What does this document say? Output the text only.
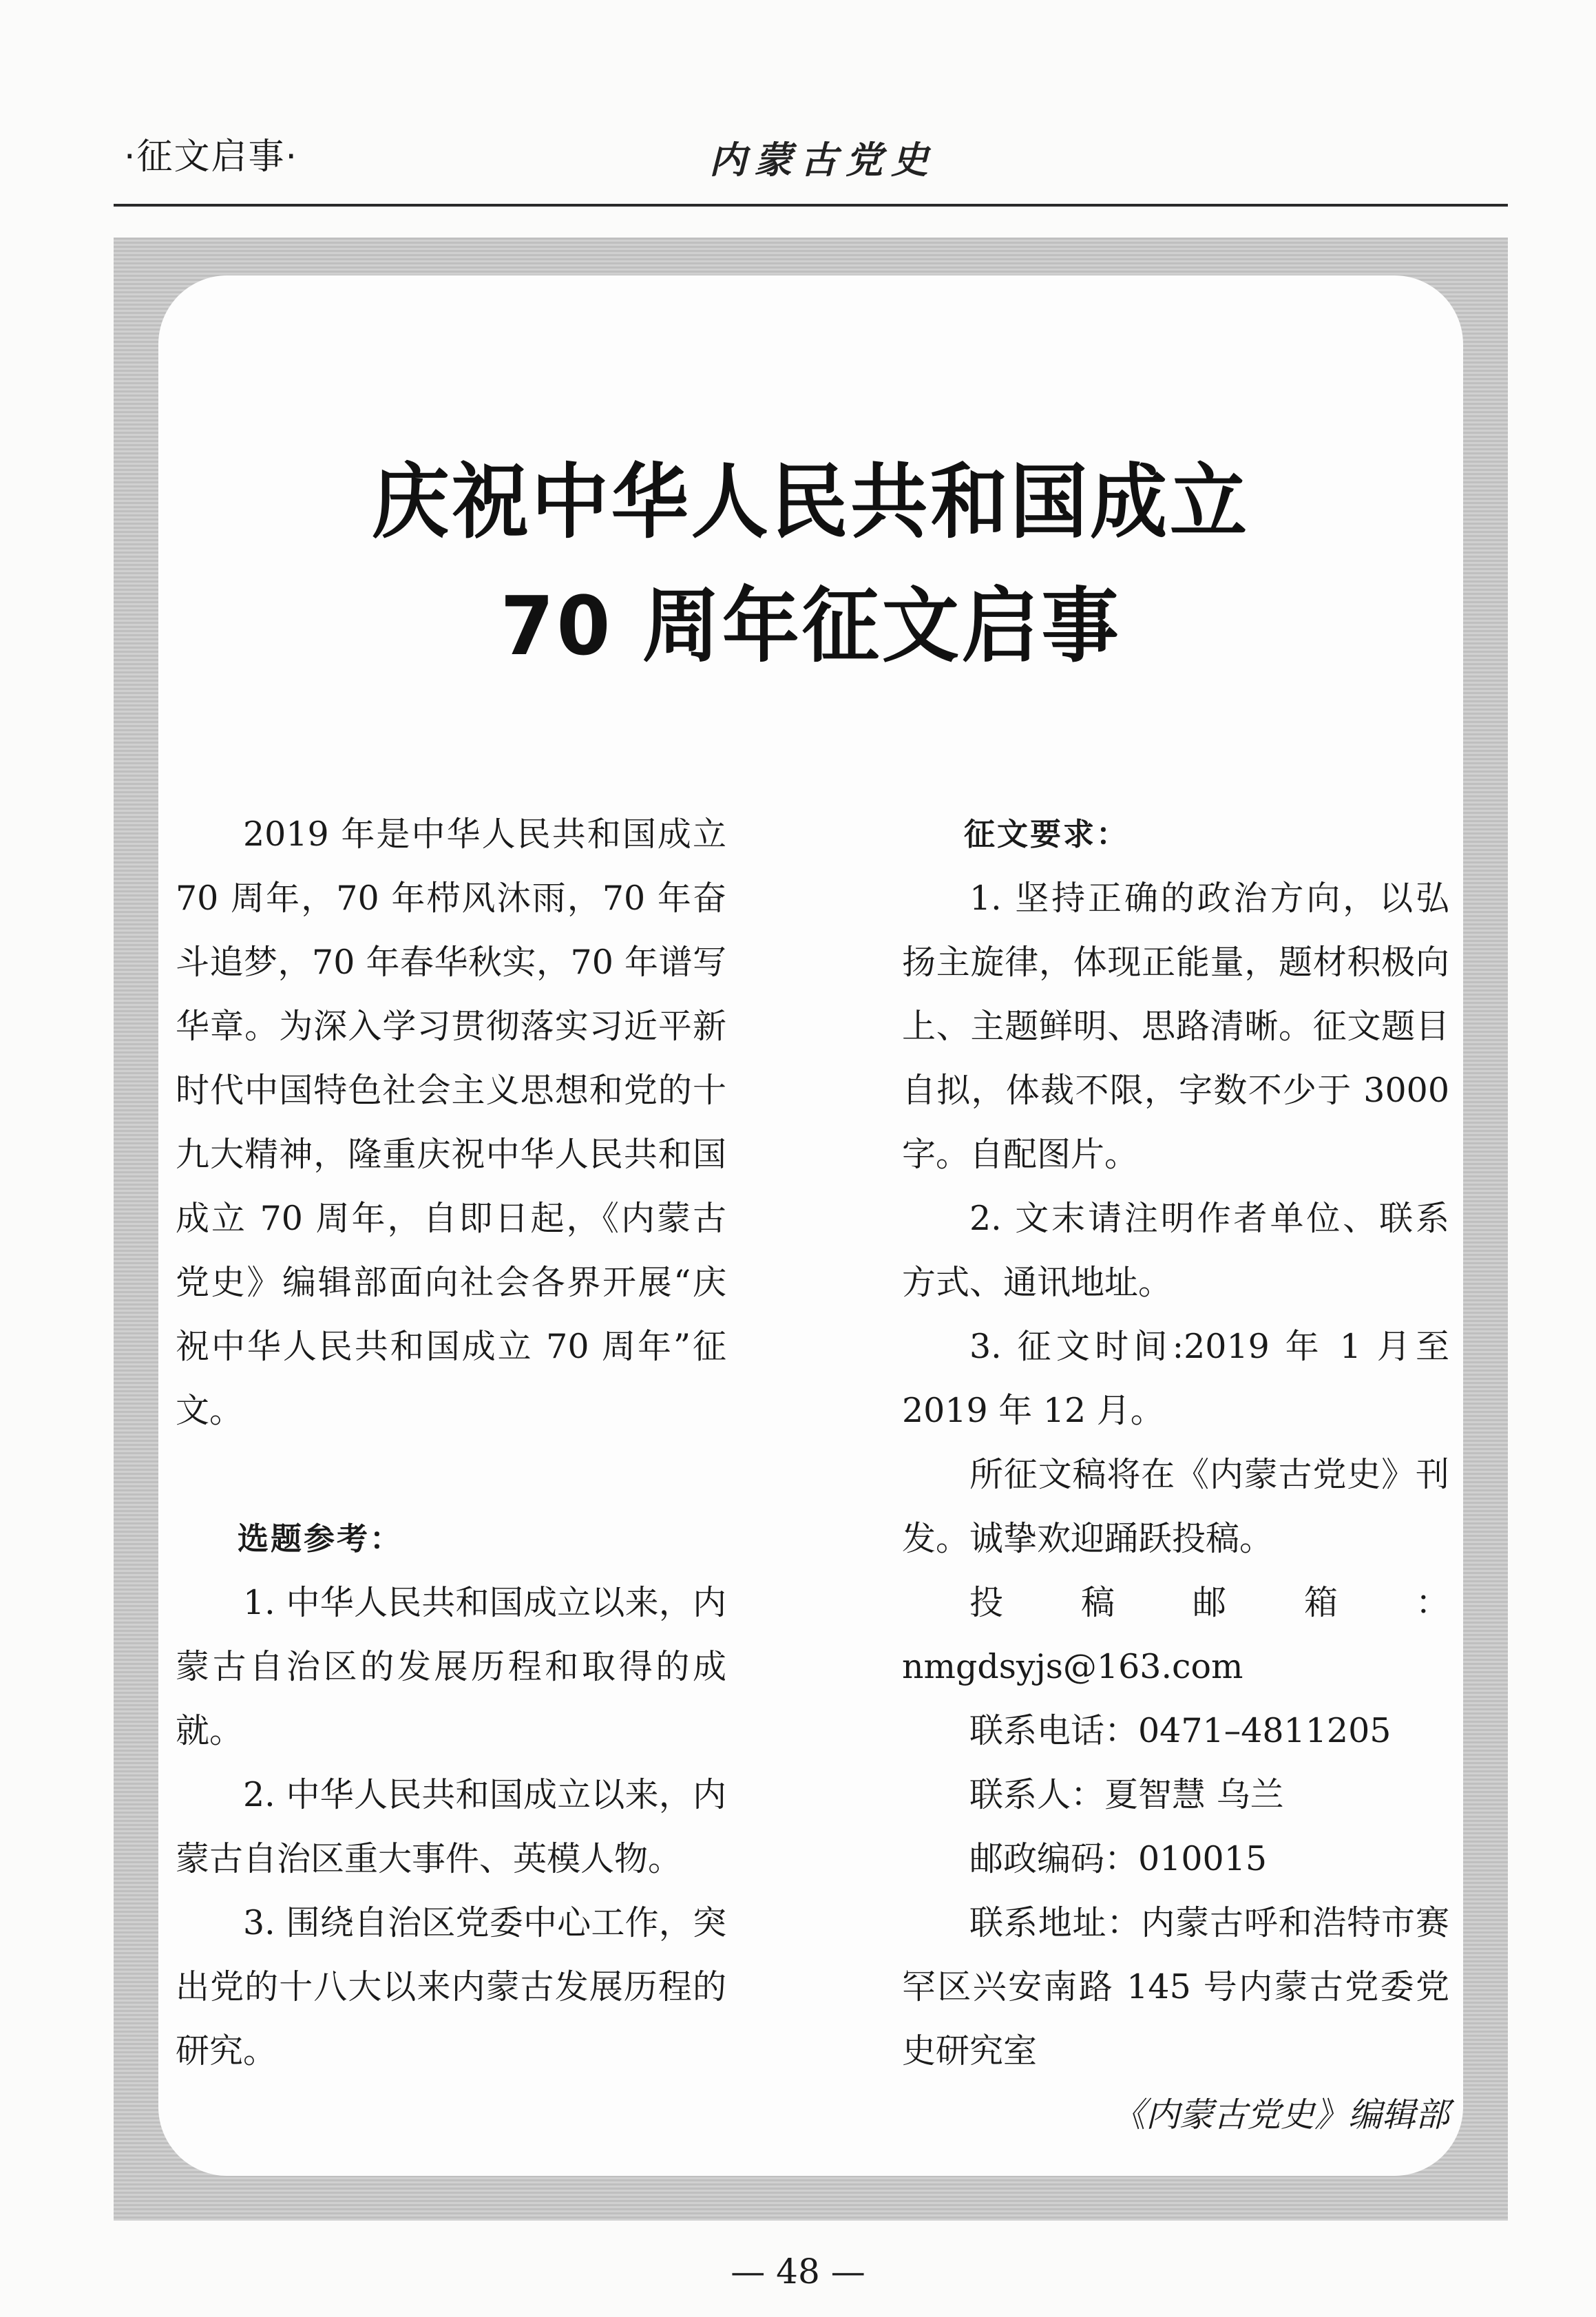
·征文启事·	内蒙古党史
庆祝中华人民共和国成立
70 周年征文启事

2019 年是中华人民共和国成立70 周年，70 年栉风沐雨，70 年奋斗追梦，70 年春华秋实，70 年谱写华章。为深入学习贯彻落实习近平新时代中国特色社会主义思想和党的十九大精神，隆重庆祝中华人民共和国成立 70 周年，自即日起，《内蒙古党史》编辑部面向社会各界开展“庆祝中华人民共和国成立 70 周年”征文。

选题参考：

1. 中华人民共和国成立以来，内蒙古自治区的发展历程和取得的成就。

2. 中华人民共和国成立以来，内蒙古自治区重大事件、英模人物。

3. 围绕自治区党委中心工作，突出党的十八大以来内蒙古发展历程的研究。

征文要求：

1. 坚持正确的政治方向，以弘扬主旋律，体现正能量，题材积极向上、主题鲜明、思路清晰。征文题目自拟，体裁不限，字数不少于 3000 字。自配图片。

2. 文末请注明作者单位、联系方式、通讯地址。

3. 征文时间:2019 年 1 月至 2019 年 12 月。

所征文稿将在《内蒙古党史》刊发。诚挚欢迎踊跃投稿。

投稿邮箱：nmgdsyjs@163.com

联系电话：0471–4811205

联系人：夏智慧 乌兰

邮政编码：010015

联系地址：内蒙古呼和浩特市赛罕区兴安南路 145 号内蒙古党委党史研究室

《内蒙古党史》编辑部

— 48 —
